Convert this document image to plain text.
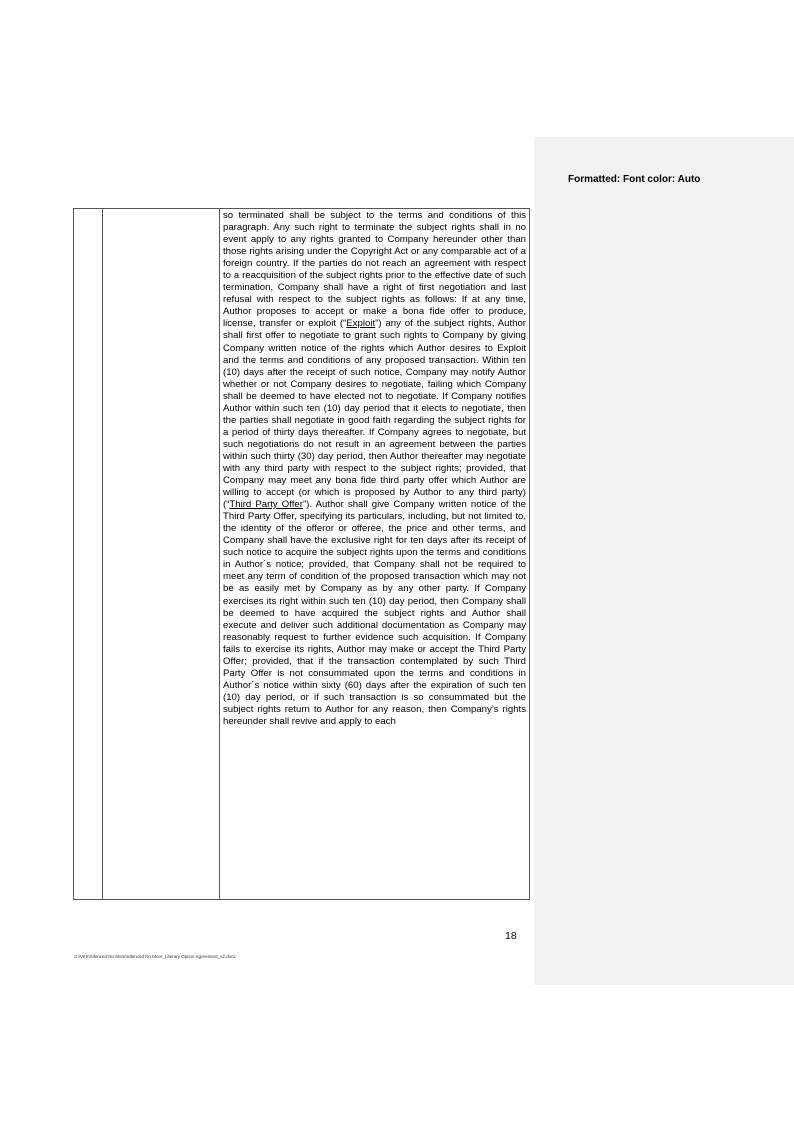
so terminated shall be subject to the terms and conditions of this paragraph. Any such right to terminate the subject rights shall in no event apply to any rights granted to Company hereunder other than those rights arising under the Copyright Act or any comparable act of a foreign country. If the parties do not reach an agreement with respect to a reacquisition of the subject rights prior to the effective date of such termination, Company shall have a right of first negotiation and last refusal with respect to the subject rights as follows: If at any time, Author proposes to accept or make a bona fide offer to produce, license, transfer or exploit (“Exploit”) any of the subject rights, Author shall first offer to negotiate to grant such rights to Company by giving Company written notice of the rights which Author desires to Exploit and the terms and conditions of any proposed transaction. Within ten (10) days after the receipt of such notice, Company may notify Author whether or not Company desires to negotiate, failing which Company shall be deemed to have elected not to negotiate. If Company notifies Author within such ten (10) day period that it elects to negotiate, then the parties shall negotiate in good faith regarding the subject rights for a period of thirty days thereafter. If Company agrees to negotiate, but such negotiations do not result in an agreement between the parties within such thirty (30) day period, then Author thereafter may negotiate with any third party with respect to the subject rights; provided, that Company may meet any bona fide third party offer which Author are willing to accept (or which is proposed by Author to any third party) (“Third Party Offer”). Author shall give Company written notice of the Third Party Offer, specifying its particulars, including, but not limited to, the identity of the offeror or offeree, the price and other terms, and Company shall have the exclusive right for ten days after its receipt of such notice to acquire the subject rights upon the terms and conditions in Author´s notice; provided, that Company shall not be required to meet any term of condition of the proposed transaction which may not be as easily met by Company as by any other party. If Company exercises its right within such ten (10) day period, then Company shall be deemed to have acquired the subject rights and Author shall execute and deliver such additional documentation as Company may reasonably request to further evidence such acquisition. If Company fails to exercise its rights, Author may make or accept the Third Party Offer; provided, that if the transaction contemplated by such Third Party Offer is not consummated upon the terms and conditions in Author´s notice within sixty (60) days after the expiration of such ten (10) day period, or if such transaction is so consummated but the subject rights return to Author for any reason, then Company’s rights hereunder shall revive and apply to each

18
G:\VIIS\Silenced No More\Silenced No More_Literary Option Agreement_v2.docx
Formatted: Font color: Auto
